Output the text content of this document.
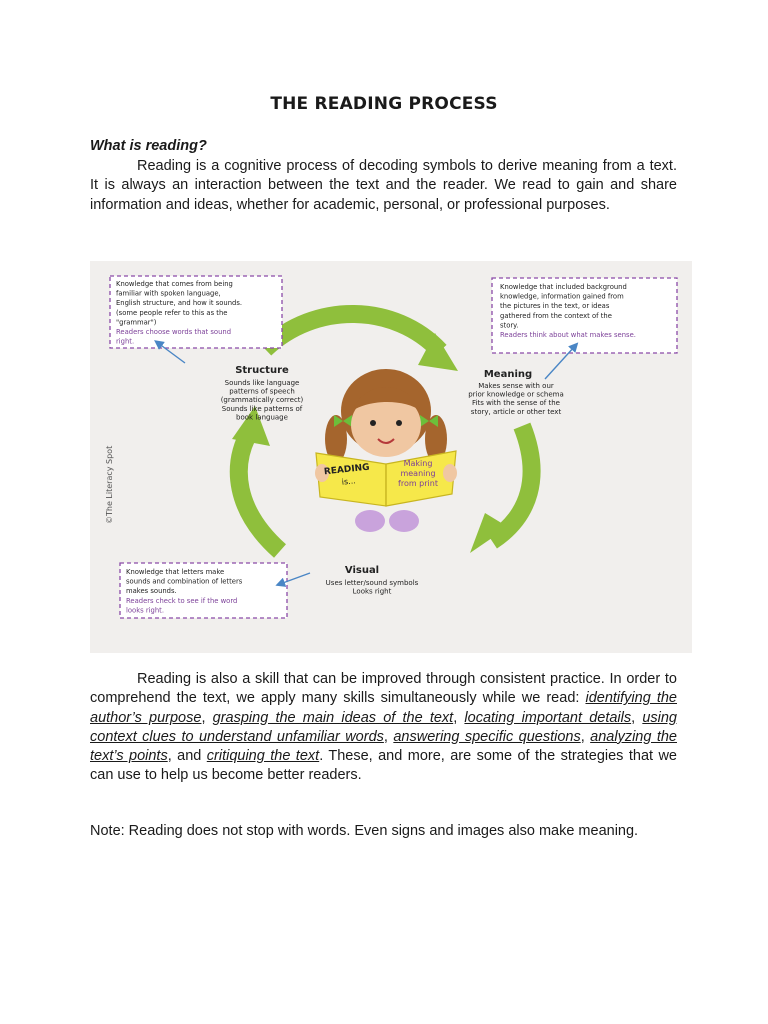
THE READING PROCESS
What is reading?
Reading is a cognitive process of decoding symbols to derive meaning from a text. It is always an interaction between the text and the reader. We read to gain and share information and ideas, whether for academic, personal, or professional purposes.
©The Literacy Spot
Knowledge that comes from being
familiar with spoken language,
English structure, and how it sounds.
(some people refer to this as the
"grammar")
Readers choose words that sound
right.
Knowledge that included background
knowledge, information gained from
the pictures in the text, or ideas
gathered from the context of the
story.
Readers think about what makes sense.
Knowledge that letters make
sounds and combination of letters
makes sounds.
Readers check to see if the word
looks right.
Structure	Meaning
Visual
Sounds like language
patterns of speech
(grammatically correct)
Sounds like patterns of
book language
Makes sense with our
prior knowledge or schema
Fits with the sense of the
story, article or other text
Uses letter/sound symbols
Looks right
READING
is...
Making
meaning
from print
Reading is also a skill that can be improved through consistent practice. In order to comprehend the text, we apply many skills simultaneously while we read: identifying the author’s purpose, grasping the main ideas of the text, locating important details, using context clues to understand unfamiliar words, answering specific questions, analyzing the text’s points, and critiquing the text. These, and more, are some of the strategies that we can use to help us become better readers.
Note: Reading does not stop with words. Even signs and images also make meaning.
